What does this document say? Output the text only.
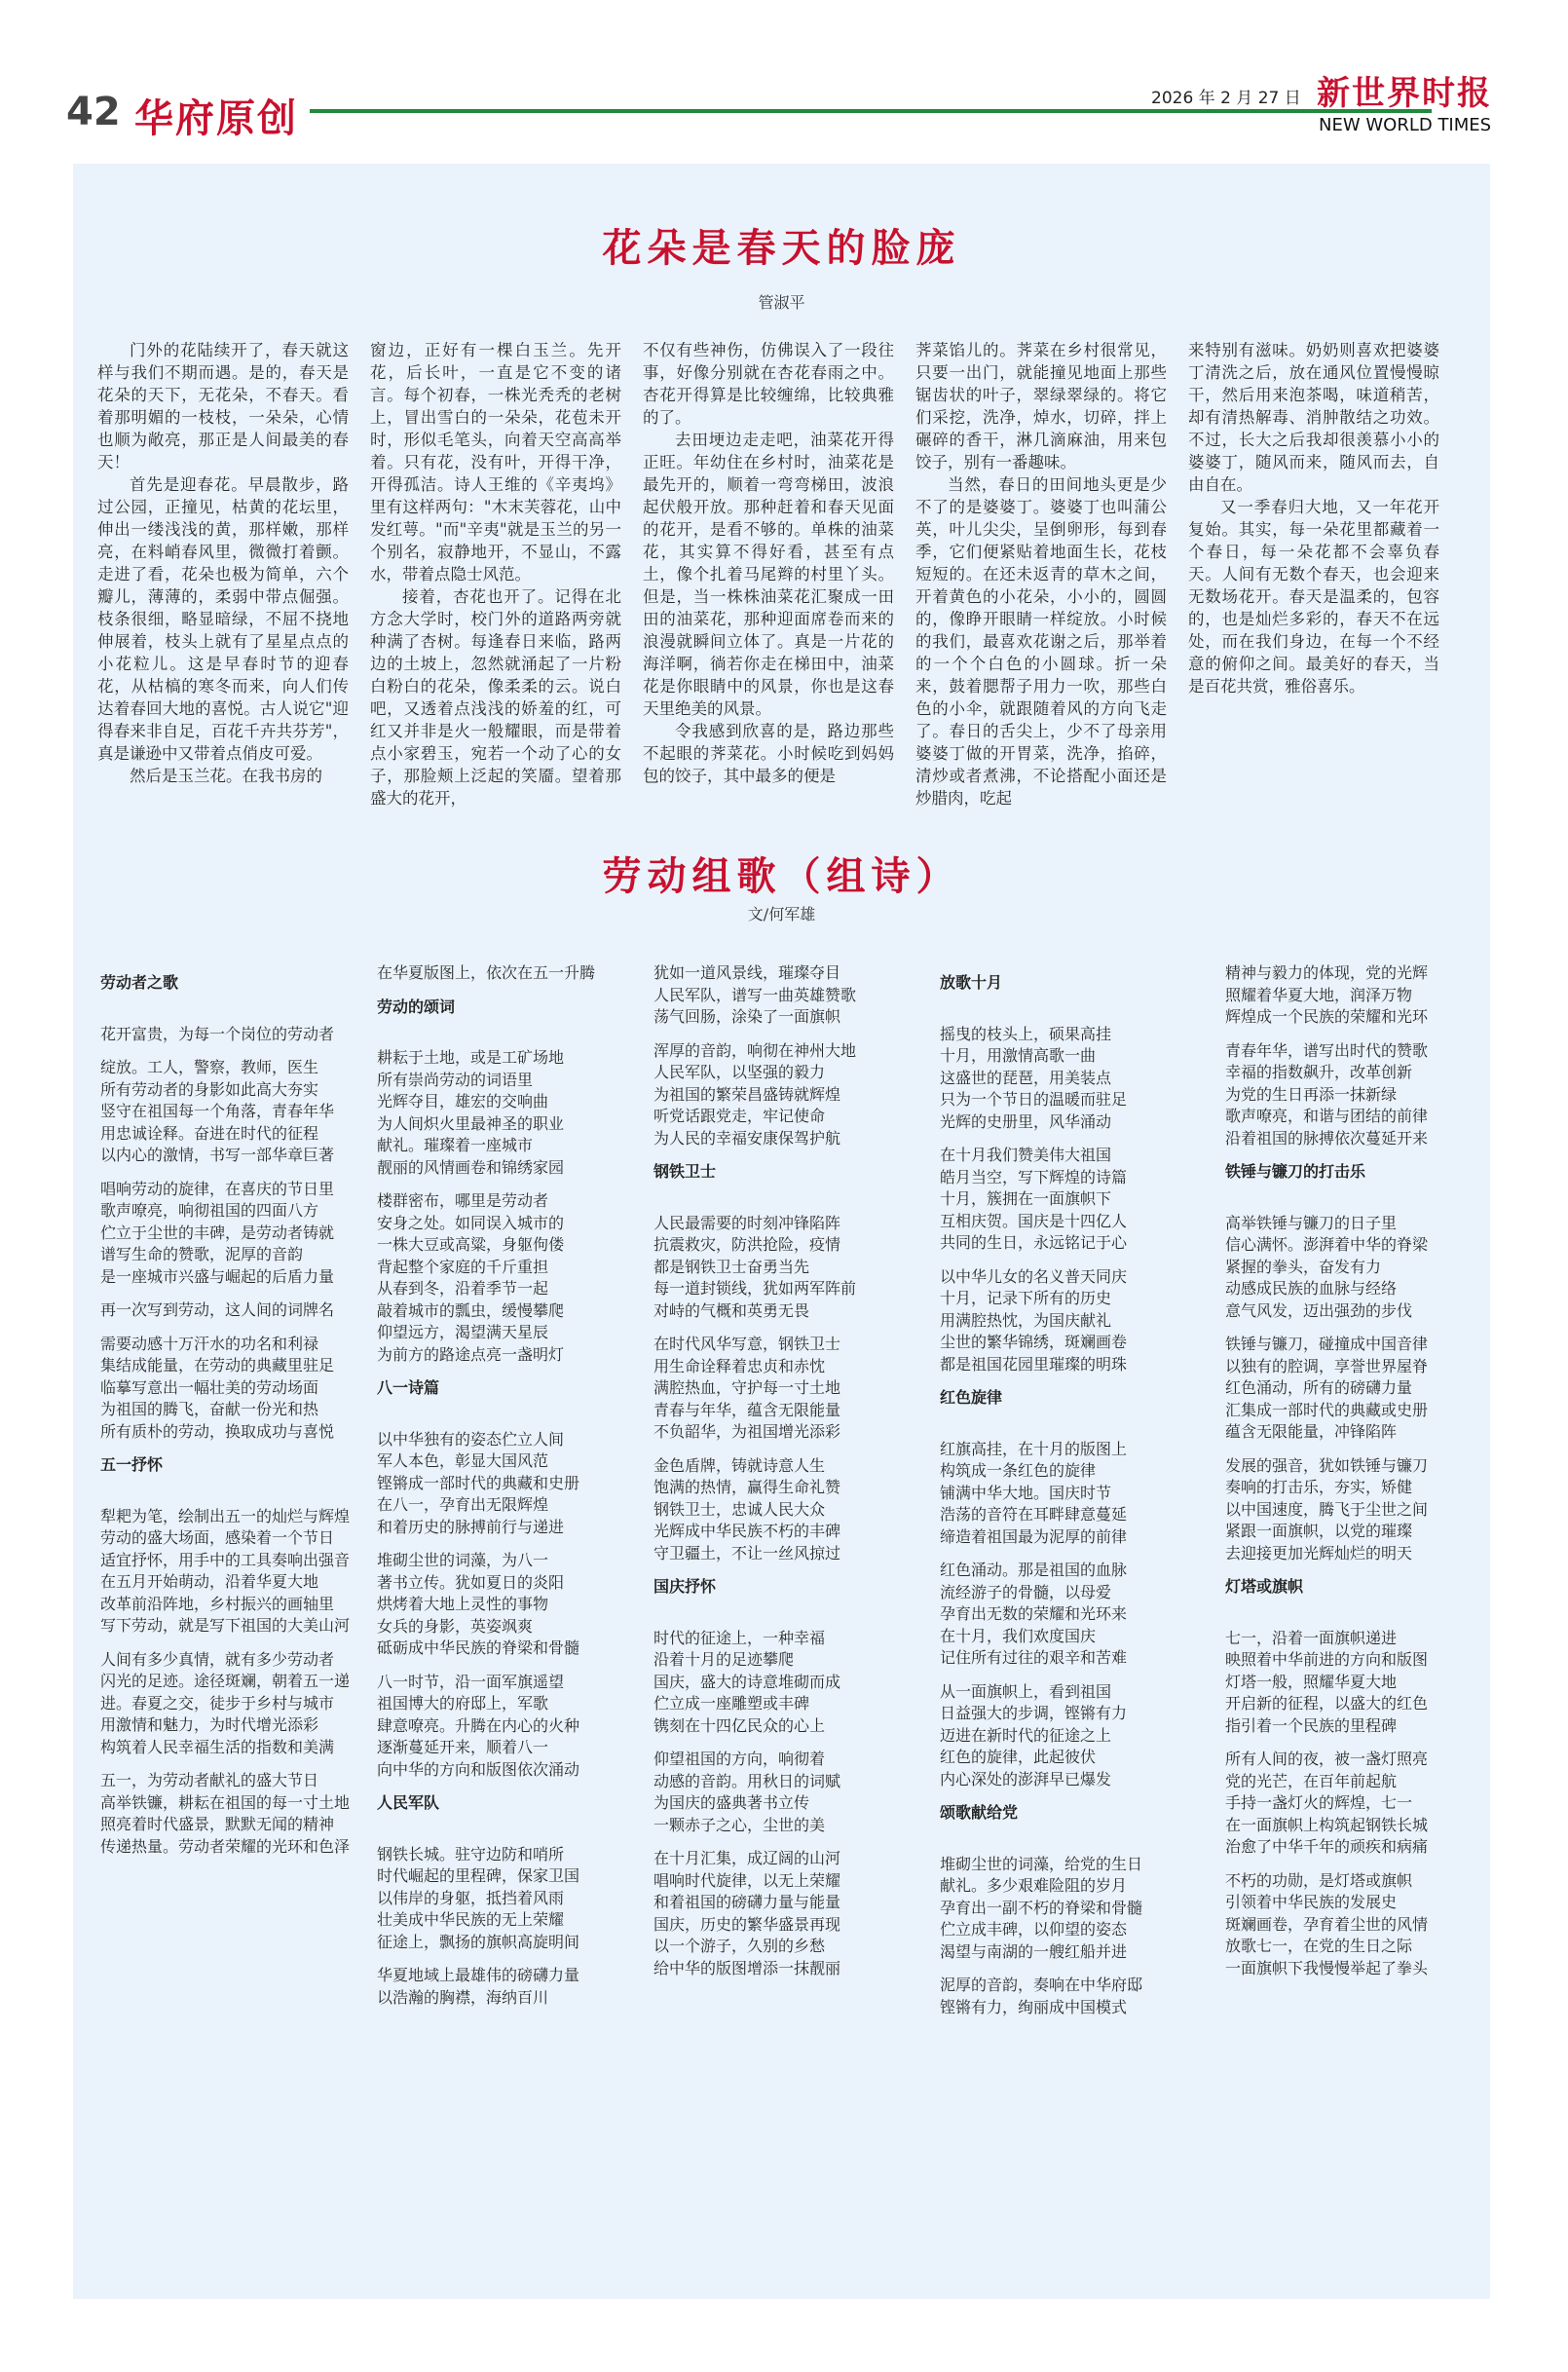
42 华府原创	2026 年 2 月 27 日 新世界时报
NEW WORLD TIMES
花朵是春天的脸庞
管淑平

门外的花陆续开了，春天就这样与我们不期而遇。是的，春天是花朵的天下，无花朵，不春天。看着那明媚的一枝枝，一朵朵，心情也顺为敞亮，那正是人间最美的春天！

首先是迎春花。早晨散步，路过公园，正撞见，枯黄的花坛里，伸出一缕浅浅的黄，那样嫩，那样亮，在料峭春风里，微微打着颤。走进了看，花朵也极为简单，六个瓣儿，薄薄的，柔弱中带点倔强。枝条很细，略显暗绿，不屈不挠地伸展着，枝头上就有了星星点点的小花粒儿。这是早春时节的迎春花，从枯槁的寒冬而来，向人们传达着春回大地的喜悦。古人说它"迎得春来非自足，百花千卉共芬芳"，真是谦逊中又带着点俏皮可爱。

然后是玉兰花。在我书房的

窗边，正好有一棵白玉兰。先开花，后长叶，一直是它不变的诸言。每个初春，一株光秃秃的老树上，冒出雪白的一朵朵，花苞未开时，形似毛笔头，向着天空高高举着。只有花，没有叶，开得干净，开得孤洁。诗人王维的《辛夷坞》里有这样两句："木末芙蓉花，山中发红萼。"而"辛夷"就是玉兰的另一个别名，寂静地开，不显山，不露水，带着点隐士风范。

接着，杏花也开了。记得在北方念大学时，校门外的道路两旁就种满了杏树。每逢春日来临，路两边的土坡上，忽然就涌起了一片粉白粉白的花朵，像柔柔的云。说白吧，又透着点浅浅的娇羞的红，可红又并非是火一般耀眼，而是带着点小家碧玉，宛若一个动了心的女子，那脸颊上泛起的笑靥。望着那盛大的花开，

不仅有些神伤，仿佛误入了一段往事，好像分别就在杏花春雨之中。杏花开得算是比较缠绵，比较典雅的了。

去田埂边走走吧，油菜花开得正旺。年幼住在乡村时，油菜花是最先开的，顺着一弯弯梯田，波浪起伏般开放。那种赶着和春天见面的花开，是看不够的。单株的油菜花，其实算不得好看，甚至有点土，像个扎着马尾辫的村里丫头。但是，当一株株油菜花汇聚成一田田的油菜花，那种迎面席卷而来的浪漫就瞬间立体了。真是一片花的海洋啊，徜若你走在梯田中，油菜花是你眼睛中的风景，你也是这春天里绝美的风景。

令我感到欣喜的是，路边那些不起眼的荠菜花。小时候吃到妈妈包的饺子，其中最多的便是

荠菜馅儿的。荠菜在乡村很常见，只要一出门，就能撞见地面上那些锯齿状的叶子，翠绿翠绿的。将它们采挖，洗净，焯水，切碎，拌上碾碎的香干，淋几滴麻油，用来包饺子，别有一番趣味。

当然，春日的田间地头更是少不了的是婆婆丁。婆婆丁也叫蒲公英，叶儿尖尖，呈倒卵形，每到春季，它们便紧贴着地面生长，花枝短短的。在还未返青的草木之间，开着黄色的小花朵，小小的，圆圆的，像睁开眼睛一样绽放。小时候的我们，最喜欢花谢之后，那举着的一个个白色的小圆球。折一朵来，鼓着腮帮子用力一吹，那些白色的小伞，就跟随着风的方向飞走了。春日的舌尖上，少不了母亲用婆婆丁做的开胃菜，洗净，掐碎，清炒或者煮沸，不论搭配小面还是炒腊肉，吃起

来特别有滋味。奶奶则喜欢把婆婆丁清洗之后，放在通风位置慢慢晾干，然后用来泡茶喝，味道稍苦，却有清热解毒、消肿散结之功效。不过，长大之后我却很羡慕小小的婆婆丁，随风而来，随风而去，自由自在。

又一季春归大地，又一年花开复始。其实，每一朵花里都藏着一个春日，每一朵花都不会辜负春天。人间有无数个春天，也会迎来无数场花开。春天是温柔的，包容的，也是灿烂多彩的，春天不在远处，而在我们身边，在每一个不经意的俯仰之间。最美好的春天，当是百花共赏，雅俗喜乐。

劳动组歌（组诗）
文/何军雄
劳动者之歌
花开富贵，为每一个岗位的劳动者
绽放。工人，警察，教师，医生
所有劳动者的身影如此高大夯实
竖守在祖国每一个角落，青春年华
用忠诚诠释。奋进在时代的征程
以内心的激情，书写一部华章巨著
唱响劳动的旋律，在喜庆的节日里
歌声嘹亮，响彻祖国的四面八方
伫立于尘世的丰碑，是劳动者铸就
谱写生命的赞歌，泥厚的音韵
是一座城市兴盛与崛起的后盾力量
再一次写到劳动，这人间的词牌名
需要动感十万汗水的功名和利禄
集结成能量，在劳动的典藏里驻足
临摹写意出一幅壮美的劳动场面
为祖国的腾飞，奋献一份光和热
所有质朴的劳动，换取成功与喜悦
五一抒怀
犁耙为笔，绘制出五一的灿烂与辉煌
劳动的盛大场面，感染着一个节日
适宜抒怀，用手中的工具奏响出强音
在五月开始萌动，沿着华夏大地
改革前沿阵地，乡村振兴的画轴里
写下劳动，就是写下祖国的大美山河
人间有多少真情，就有多少劳动者
闪光的足迹。途径斑斓，朝着五一递进。春夏之交，徒步于乡村与城市
用激情和魅力，为时代增光添彩
构筑着人民幸福生活的指数和美满
五一，为劳动者献礼的盛大节日
高举铁镰，耕耘在祖国的每一寸土地
照亮着时代盛景，默默无闻的精神
传递热量。劳动者荣耀的光环和色泽
在华夏版图上，依次在五一升腾
劳动的颂词
耕耘于土地，或是工矿场地
所有崇尚劳动的词语里
光辉夺目，雄宏的交响曲
为人间炽火里最神圣的职业
献礼。璀璨着一座城市
靓丽的风情画卷和锦绣家园
楼群密布，哪里是劳动者
安身之处。如同误入城市的
一株大豆或高粱，身躯佝偻
背起整个家庭的千斤重担
从春到冬，沿着季节一起
敲着城市的瓢虫，缓慢攀爬
仰望远方，渴望满天星辰
为前方的路途点亮一盏明灯
八一诗篇
以中华独有的姿态伫立人间
军人本色，彰显大国风范
铿锵成一部时代的典藏和史册
在八一，孕育出无限辉煌
和着历史的脉搏前行与递进
堆砌尘世的词藻，为八一
著书立传。犹如夏日的炎阳
烘烤着大地上灵性的事物
女兵的身影，英姿飒爽
砥砺成中华民族的脊梁和骨髓
八一时节，沿一面军旗遥望
祖国博大的府邸上，军歌
肆意嘹亮。升腾在内心的火种
逐渐蔓延开来，顺着八一
向中华的方向和版图依次涌动
人民军队
钢铁长城。驻守边防和哨所
时代崛起的里程碑，保家卫国
以伟岸的身躯，抵挡着风雨
壮美成中华民族的无上荣耀
征途上，飘扬的旗帜高旋明间
华夏地域上最雄伟的磅礴力量
以浩瀚的胸襟，海纳百川
犹如一道风景线，璀璨夺目
人民军队，谱写一曲英雄赞歌
荡气回肠，涂染了一面旗帜
浑厚的音韵，响彻在神州大地
人民军队，以坚强的毅力
为祖国的繁荣昌盛铸就辉煌
听党话跟党走，牢记使命
为人民的幸福安康保驾护航
钢铁卫士
人民最需要的时刻冲锋陷阵
抗震救灾，防洪抢险，疫情
都是钢铁卫士奋勇当先
每一道封锁线，犹如两军阵前
对峙的气概和英勇无畏
在时代风华写意，钢铁卫士
用生命诠释着忠贞和赤忱
满腔热血，守护每一寸土地
青春与年华，蕴含无限能量
不负韶华，为祖国增光添彩
金色盾牌，铸就诗意人生
饱满的热情，赢得生命礼赞
钢铁卫士，忠诚人民大众
光辉成中华民族不朽的丰碑
守卫疆土，不让一丝风掠过
国庆抒怀
时代的征途上，一种幸福
沿着十月的足迹攀爬
国庆，盛大的诗意堆砌而成
伫立成一座雕塑或丰碑
镌刻在十四亿民众的心上
仰望祖国的方向，响彻着
动感的音韵。用秋日的词赋
为国庆的盛典著书立传
一颗赤子之心，尘世的美
在十月汇集，成辽阔的山河
唱响时代旋律，以无上荣耀
和着祖国的磅礴力量与能量
国庆，历史的繁华盛景再现
以一个游子，久别的乡愁
给中华的版图增添一抹靓丽
放歌十月
摇曳的枝头上，硕果高挂
十月，用激情高歌一曲
这盛世的琵琶，用美装点
只为一个节日的温暖而驻足
光辉的史册里，风华涌动
在十月我们赞美伟大祖国
皓月当空，写下辉煌的诗篇
十月，簇拥在一面旗帜下
互相庆贺。国庆是十四亿人
共同的生日，永远铭记于心
以中华儿女的名义普天同庆
十月，记录下所有的历史
用满腔热忱，为国庆献礼
尘世的繁华锦绣，斑斓画卷
都是祖国花园里璀璨的明珠
红色旋律
红旗高挂，在十月的版图上
构筑成一条红色的旋律
铺满中华大地。国庆时节
浩荡的音符在耳畔肆意蔓延
缔造着祖国最为泥厚的前律
红色涌动。那是祖国的血脉
流经游子的骨髓，以母爱
孕育出无数的荣耀和光环来
在十月，我们欢度国庆
记住所有过往的艰辛和苦难
从一面旗帜上，看到祖国
日益强大的步调，铿锵有力
迈进在新时代的征途之上
红色的旋律，此起彼伏
内心深处的澎湃早已爆发
颂歌献给党
堆砌尘世的词藻，给党的生日
献礼。多少艰难险阻的岁月
孕育出一副不朽的脊梁和骨髓
伫立成丰碑，以仰望的姿态
渴望与南湖的一艘红船并进
泥厚的音韵，奏响在中华府邸
铿锵有力，绚丽成中国模式
精神与毅力的体现，党的光辉
照耀着华夏大地，润泽万物
辉煌成一个民族的荣耀和光环
青春年华，谱写出时代的赞歌
幸福的指数飙升，改革创新
为党的生日再添一抹新绿
歌声嘹亮，和谐与团结的前律
沿着祖国的脉搏依次蔓延开来
铁锤与镰刀的打击乐
高举铁锤与镰刀的日子里
信心满怀。澎湃着中华的脊梁
紧握的拳头，奋发有力
动感成民族的血脉与经络
意气风发，迈出强劲的步伐
铁锤与镰刀，碰撞成中国音律
以独有的腔调，享誉世界屋脊
红色涌动，所有的磅礴力量
汇集成一部时代的典藏或史册
蕴含无限能量，冲锋陷阵
发展的强音，犹如铁锤与镰刀
奏响的打击乐，夯实，矫健
以中国速度，腾飞于尘世之间
紧跟一面旗帜，以党的璀璨
去迎接更加光辉灿烂的明天
灯塔或旗帜
七一，沿着一面旗帜递进
映照着中华前进的方向和版图
灯塔一般，照耀华夏大地
开启新的征程，以盛大的红色
指引着一个民族的里程碑
所有人间的夜，被一盏灯照亮
党的光芒，在百年前起航
手持一盏灯火的辉煌，七一
在一面旗帜上构筑起钢铁长城
治愈了中华千年的顽疾和病痛
不朽的功勋，是灯塔或旗帜
引领着中华民族的发展史
斑斓画卷，孕育着尘世的风情
放歌七一，在党的生日之际
一面旗帜下我慢慢举起了拳头
